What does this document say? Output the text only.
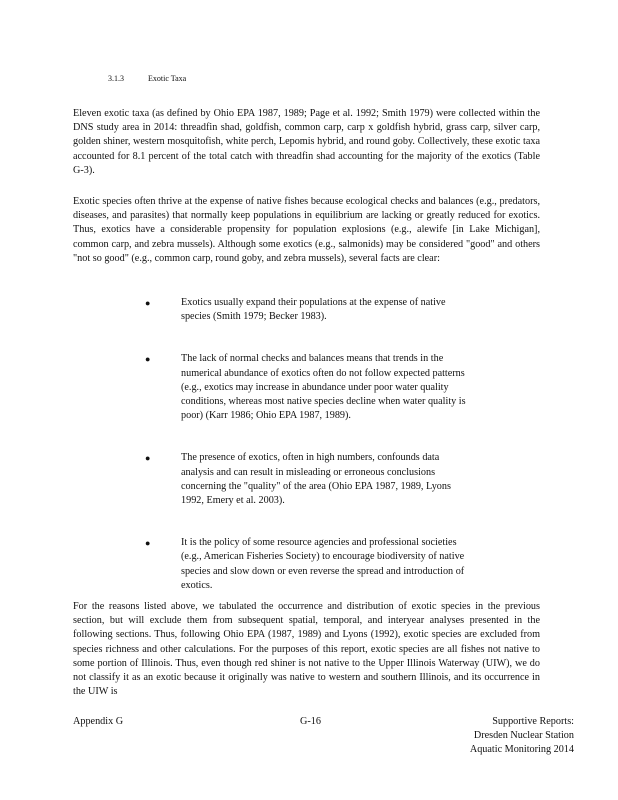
3.1.3	Exotic Taxa

Eleven exotic taxa (as defined by Ohio EPA 1987, 1989; Page et al. 1992; Smith 1979) were collected within the DNS study area in 2014: threadfin shad, goldfish, common carp, carp x goldfish hybrid, grass carp, silver carp, golden shiner, western mosquitofish, white perch, Lepomis hybrid, and round goby. Collectively, these exotic taxa accounted for 8.1 percent of the total catch with threadfin shad accounting for the majority of the exotics (Table G-3).

Exotic species often thrive at the expense of native fishes because ecological checks and balances (e.g., predators, diseases, and parasites) that normally keep populations in equilibrium are lacking or greatly reduced for exotics. Thus, exotics have a considerable propensity for population explosions (e.g., alewife [in Lake Michigan], common carp, and zebra mussels). Although some exotics (e.g., salmonids) may be considered "good" and others "not so good" (e.g., common carp, round goby, and zebra mussels), several facts are clear:

●	Exotics usually expand their populations at the expense of native species (Smith 1979; Becker 1983).
●	The lack of normal checks and balances means that trends in the numerical abundance of exotics often do not follow expected patterns (e.g., exotics may increase in abundance under poor water quality conditions, whereas most native species decline when water quality is poor) (Karr 1986; Ohio EPA 1987, 1989).
●	The presence of exotics, often in high numbers, confounds data analysis and can result in misleading or erroneous conclusions concerning the "quality" of the area (Ohio EPA 1987, 1989, Lyons 1992, Emery et al. 2003).
●	It is the policy of some resource agencies and professional societies (e.g., American Fisheries Society) to encourage biodiversity of native species and slow down or even reverse the spread and introduction of exotics.

For the reasons listed above, we tabulated the occurrence and distribution of exotic species in the previous section, but will exclude them from subsequent spatial, temporal, and interyear analyses presented in the following sections. Thus, following Ohio EPA (1987, 1989) and Lyons (1992), exotic species are excluded from species richness and other calculations. For the purposes of this report, exotic species are all fishes not native to some portion of Illinois. Thus, even though red shiner is not native to the Upper Illinois Waterway (UIW), we do not classify it as an exotic because it originally was native to western and southern Illinois, and its occurrence in the UIW is

Appendix G	G-16	Supportive Reports:
Dresden Nuclear Station
Aquatic Monitoring 2014
